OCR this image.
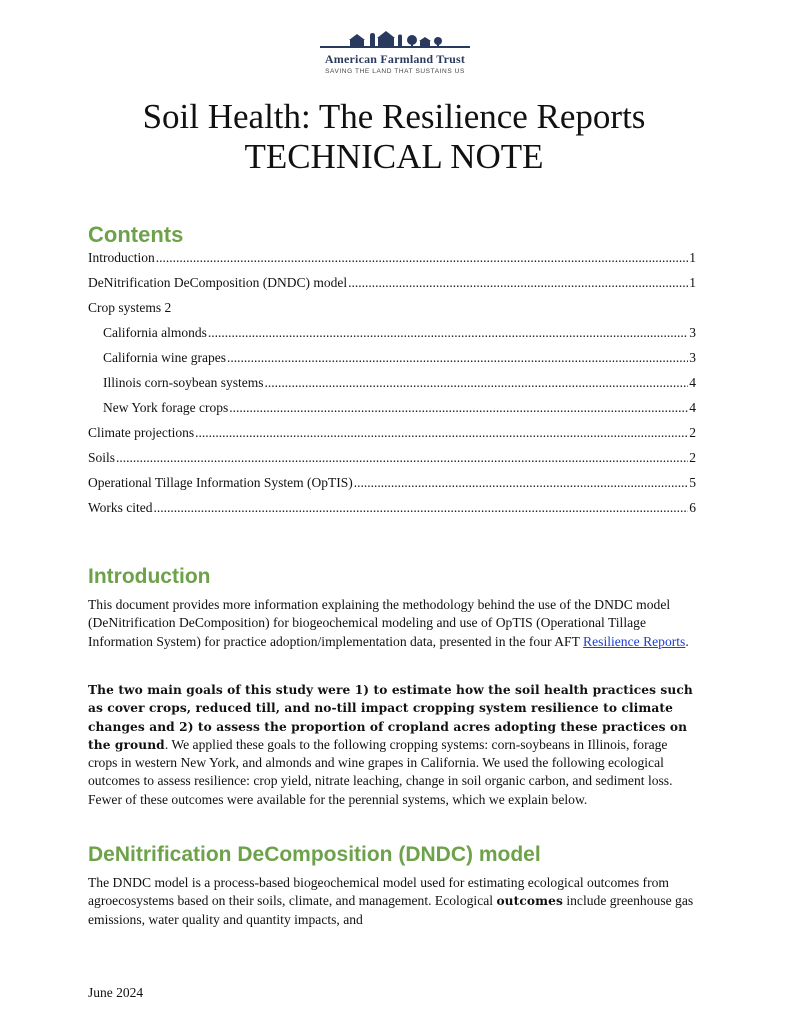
American Farmland Trust
SAVING THE LAND THAT SUSTAINS US
Soil Health: The Resilience Reports
TECHNICAL NOTE
Contents
Introduction .....	1
DeNitrification DeComposition (DNDC) model .....	1
Crop systems 2
California almonds .....	3
California wine grapes .....	3
Illinois corn-soybean systems .....	4
New York forage crops .....	4
Climate projections .....	2
Soils .....	2
Operational Tillage Information System (OpTIS) .....	5
Works cited .....	6
Introduction

This document provides more information explaining the methodology behind the use of the DNDC model (DeNitrification DeComposition) for biogeochemical modeling and use of OpTIS (Operational Tillage Information System) for practice adoption/implementation data, presented in the four AFT Resilience Reports.

The two main goals of this study were 1) to estimate how the soil health practices such as cover crops, reduced till, and no-till impact cropping system resilience to climate changes and 2) to assess the proportion of cropland acres adopting these practices on the ground. We applied these goals to the following cropping systems: corn-soybeans in Illinois, forage crops in western New York, and almonds and wine grapes in California. We used the following ecological outcomes to assess resilience: crop yield, nitrate leaching, change in soil organic carbon, and sediment loss. Fewer of these outcomes were available for the perennial systems, which we explain below.

DeNitrification DeComposition (DNDC) model

The DNDC model is a process-based biogeochemical model used for estimating ecological outcomes from agroecosystems based on their soils, climate, and management. Ecological outcomes include greenhouse gas emissions, water quality and quantity impacts, and

June 2024
